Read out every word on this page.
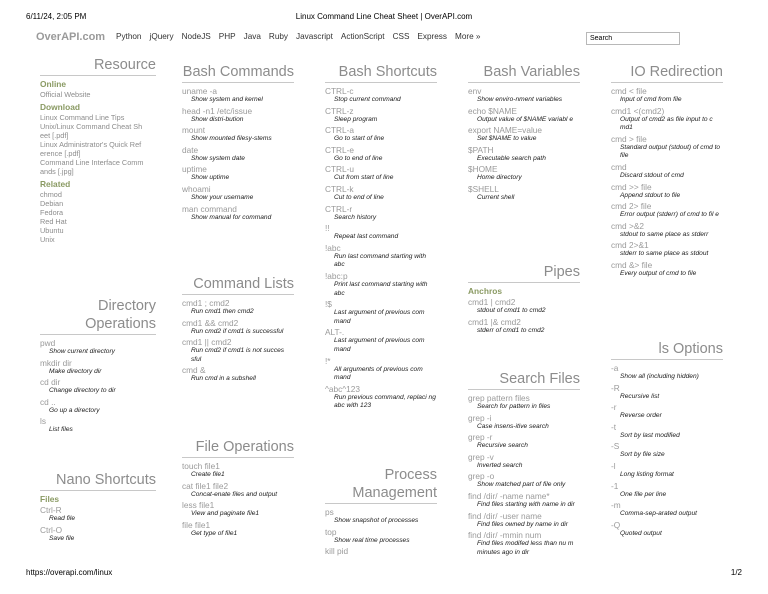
6/11/24, 2:05 PM	Linux Command Line Cheat Sheet | OverAPI.com
OverAPI.com Python jQuery NodeJS PHP Java Ruby Javascript ActionScript CSS Express More »
Search
Resource
Online
Official Website
Download
Linux Command Line Tips
Unix/Linux Command Cheat Sh
eet [.pdf]
Linux Administrator's Quick Ref
erence [.pdf]
Command Line Interface Comm
ands [.jpg]
Related
chmod
Debian
Fedora
Red Hat
Ubuntu
Unix
Directory Operations
pwd
Show current directory
mkdir dir
Make directory dir
cd dir
Change directory to dir
cd ..
Go up a directory
ls
List files
Nano Shortcuts
Files
Ctrl-R
Read file
Ctrl-O
Save file
Bash Commands
uname -a
Show system and kernel
head -n1 /etc/issue
Show distri-bution
mount
Show mounted filesy-stems
date
Show system date
uptime
Show uptime
whoami
Show your username
man command
Show manual for command
Command Lists
cmd1 ; cmd2
Run cmd1 then cmd2
cmd1 && cmd2
Run cmd2 if cmd1 is successful
cmd1 || cmd2
Run cmd2 if cmd1 is not succes sful
cmd &
Run cmd in a subshell
File Operations
touch file1
Create file1
cat file1 file2
Concat-enate files and output
less file1
View and paginate file1
file file1
Get type of file1
Bash Shortcuts
CTRL-c
Stop current command
CTRL-z
Sleep program
CTRL-a
Go to start of line
CTRL-e
Go to end of line
CTRL-u
Cut from start of line
CTRL-k
Cut to end of line
CTRL-r
Search history
!!
Repeat last command
!abc
Run last command starting with abc
!abc:p
Print last command starting with abc
!$
Last argument of previous com mand
ALT-.
Last argument of previous com mand
!*
All arguments of previous com mand
^abc^123
Run previous command, replaci ng abc with 123
Process Management
ps
Show snapshot of processes
top
Show real time processes
kill pid
Bash Variables
env
Show enviro-nment variables
echo $NAME
Output value of $NAME variabl e
export NAME=value
Set $NAME to value
$PATH
Executable search path
$HOME
Home directory
$SHELL
Current shell
Pipes
Anchros
cmd1 | cmd2
stdout of cmd1 to cmd2
cmd1 |& cmd2
stderr of cmd1 to cmd2
Search Files
grep pattern files
Search for pattern in files
grep -i
Case insens-itive search
grep -r
Recursive search
grep -v
Inverted search
grep -o
Show matched part of file only
find /dir/ -name name*
Find files starting with name in dir
find /dir/ -user name
Find files owned by name in dir
find /dir/ -mmin num
Find files modifed less than nu m minutes ago in dir
IO Redirection
cmd < file
Input of cmd from file
cmd1 <(cmd2)
Output of cmd2 as file input to c md1
cmd > file
Standard output (stdout) of cmd to file
cmd
Discard stdout of cmd
cmd >> file
Append stdout to file
cmd 2> file
Error output (stderr) of cmd to fil e
cmd >&2
stdout to same place as stderr
cmd 2>&1
stderr to same place as stdout
cmd &> file
Every output of cmd to file
ls Options
-a
Show all (including hidden)
-R
Recursive list
-r
Reverse order
-t
Sort by last modified
-S
Sort by file size
-l
Long listing format
-1
One file per line
-m
Comma-sep-arated output
-Q
Quoted output
https://overapi.com/linux	1/2
